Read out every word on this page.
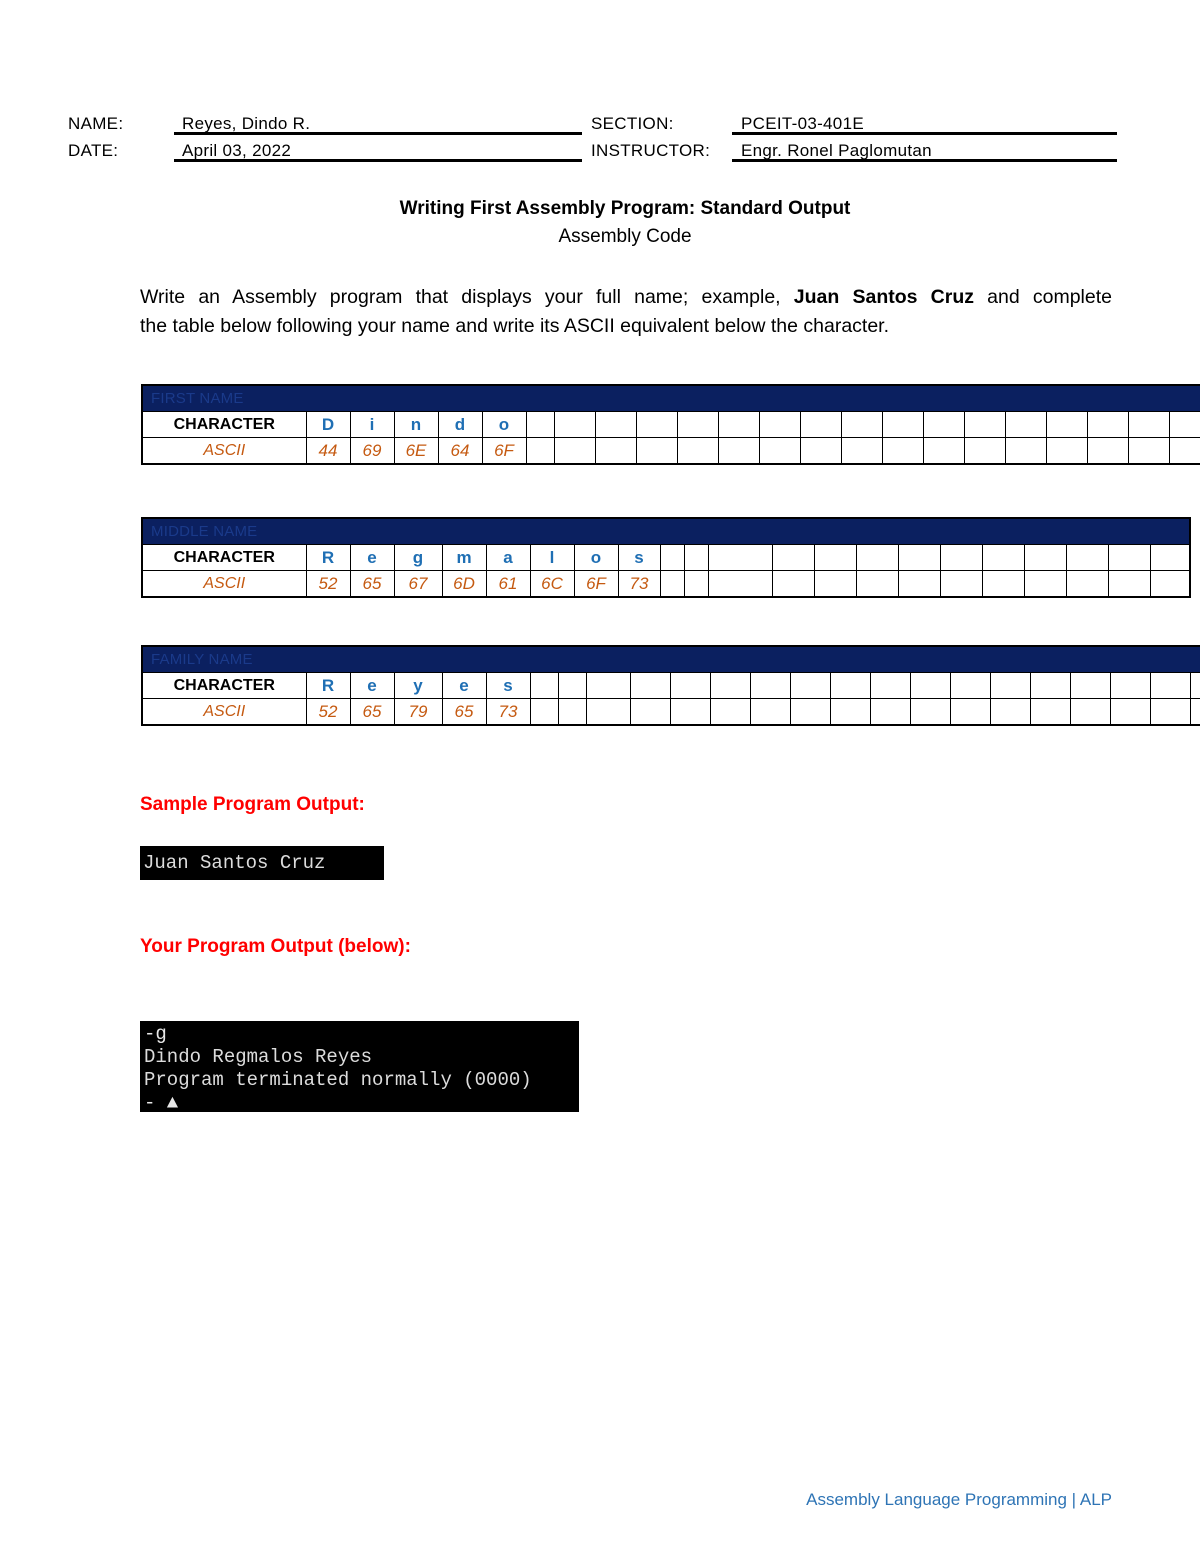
NAME:	Reyes, Dindo R.
DATE:	April 03, 2022
SECTION:	PCEIT-03-401E
INSTRUCTOR: Engr. Ronel Paglomutan
Writing First Assembly Program: Standard Output
Assembly Code
Write an Assembly program that displays your full name; example, Juan Santos Cruz and complete
the table below following your name and write its ASCII equivalent below the character.
FIRST NAME																							
CHARACTER	D	i	n	d	o																		
ASCII	44	69	6E	64	6F																		
MIDDLE NAME																					
CHARACTER	R	e	g	m	a	l	o	s													
ASCII	52	65	67	6D	61	6C	6F	73													
FAMILY NAME																							
CHARACTER	R	e	y	e	s																		
ASCII	52	65	79	65	73																		
Sample Program Output:
Juan Santos Cruz
Your Program Output (below):
-g
Dindo Regmalos Reyes
Program terminated normally (0000)
- ▲
Assembly Language Programming | ALP
